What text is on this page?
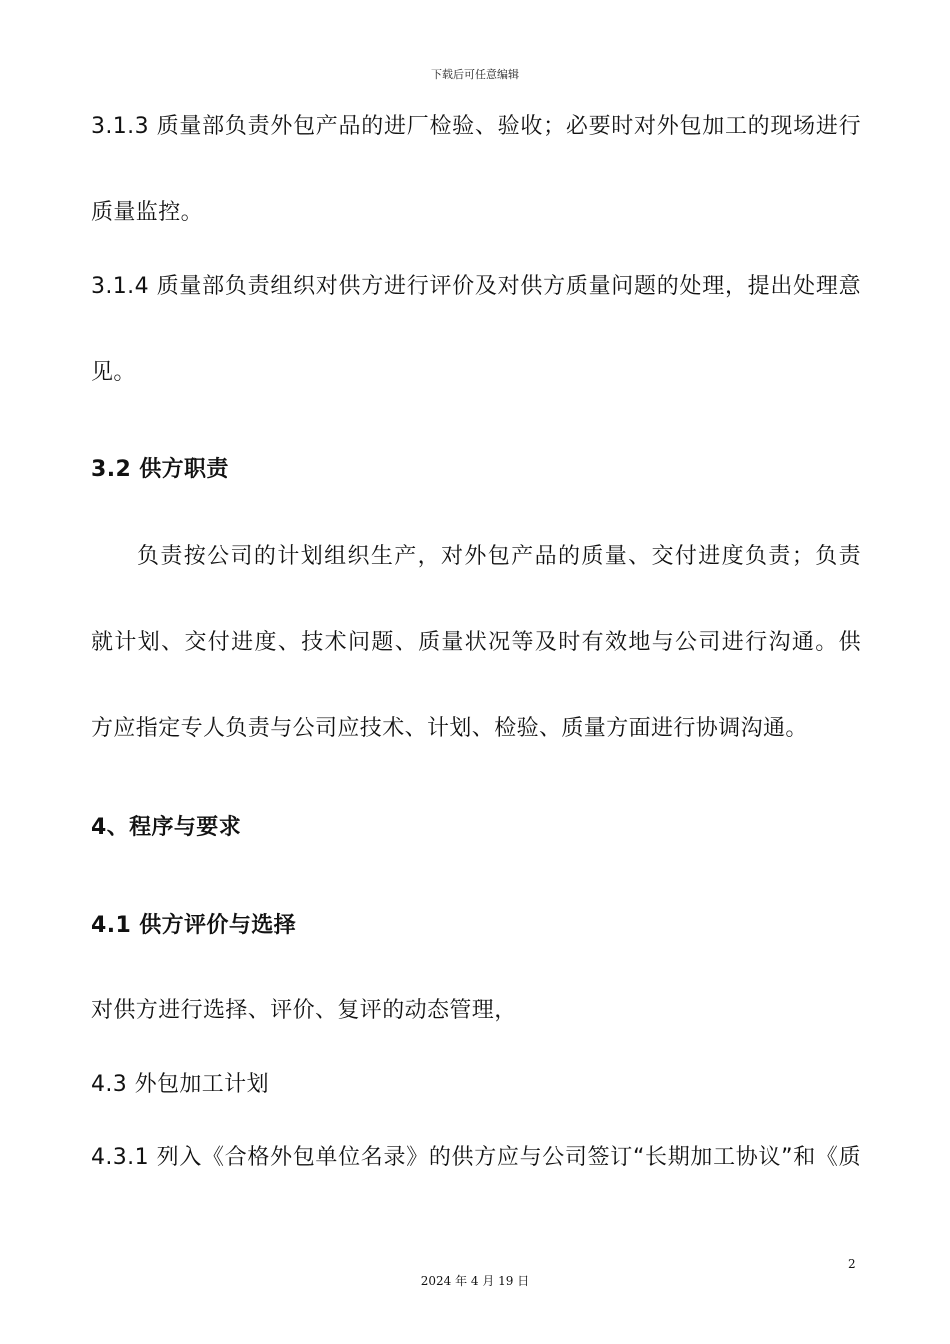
下载后可任意编辑
3.1.3 质量部负责外包产品的进厂检验、验收；必要时对外包加工的现场进行
质量监控。
3.1.4 质量部负责组织对供方进行评价及对供方质量问题的处理，提出处理意
见。
3.2 供方职责
负责按公司的计划组织生产，对外包产品的质量、交付进度负责；负责
就计划、交付进度、技术问题、质量状况等及时有效地与公司进行沟通。供
方应指定专人负责与公司应技术、计划、检验、质量方面进行协调沟通。
4、程序与要求
4.1 供方评价与选择
对供方进行选择、评价、复评的动态管理，
4.3 外包加工计划
4.3.1 列入《合格外包单位名录》的供方应与公司签订“长期加工协议”和《质
2
2024 年 4 月 19 日
